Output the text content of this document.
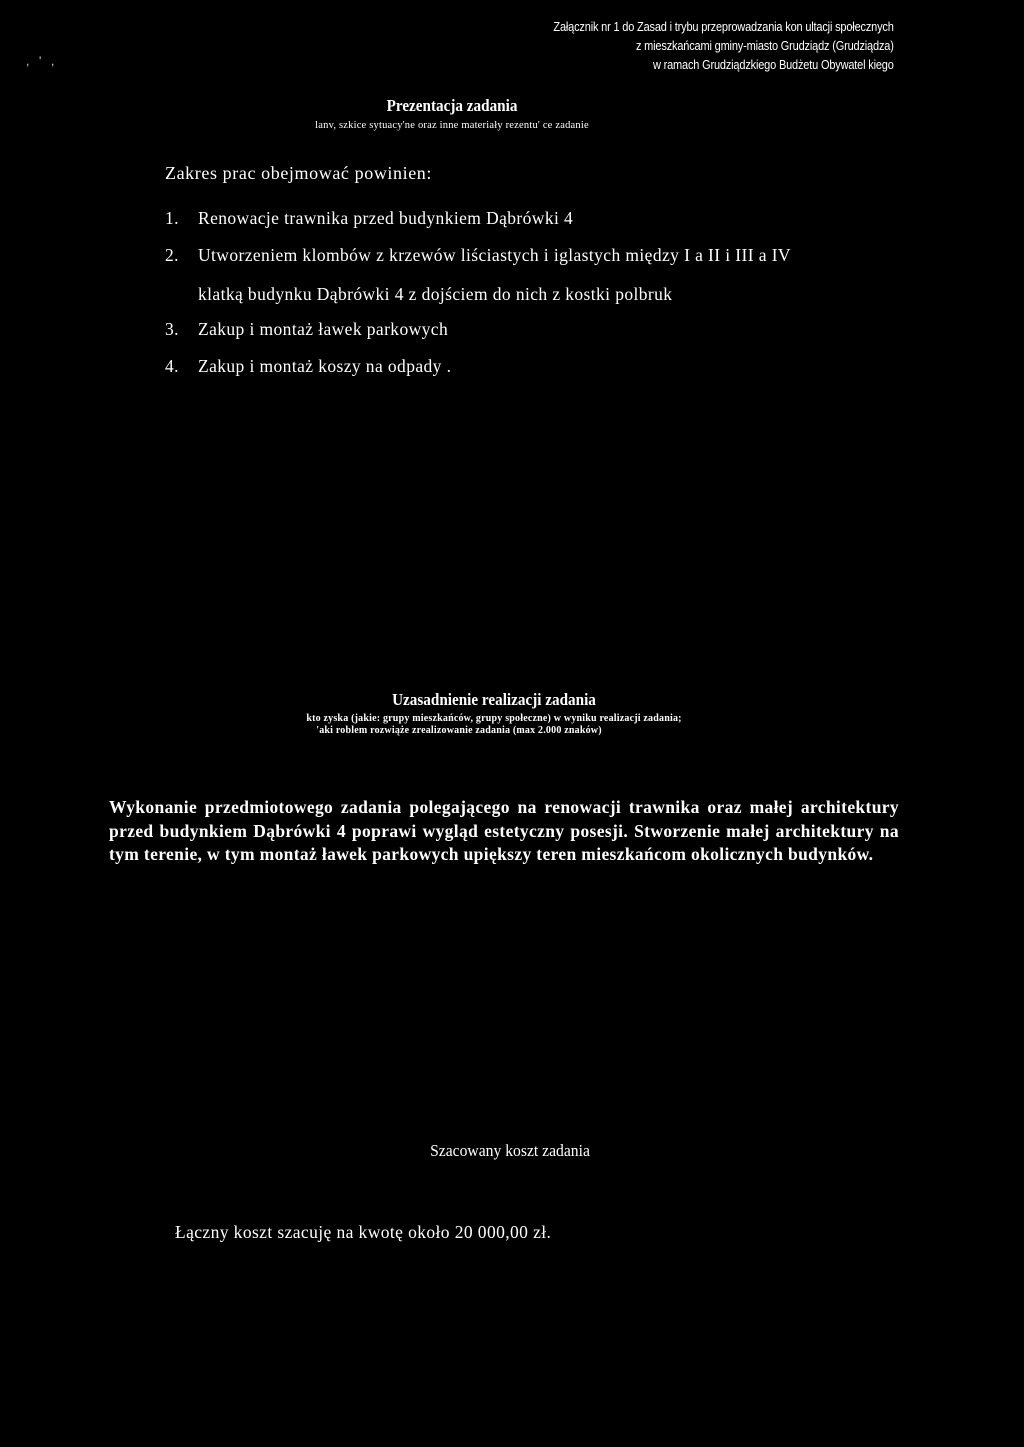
,  '  ,
Załącznik nr 1 do Zasad i trybu przeprowadzania kon ultacji społecznych
z mieszkańcami gminy-miasto Grudziądz (Grudziądza)
w ramach Grudziądzkiego Budżetu Obywatel kiego
Prezentacja zadania
lanv, szkice sytuacy'ne oraz inne materiały rezentu' ce zadanie
Zakres prac obejmować powinien:
1.	Renowacje trawnika przed budynkiem Dąbrówki 4
2.	Utworzeniem klombów z krzewów liściastych i iglastych między I a II i III a IV
klatką budynku Dąbrówki 4 z dojściem do nich z kostki polbruk
3.	Zakup i montaż ławek parkowych
4.	Zakup i montaż koszy na odpady .
Uzasadnienie realizacji zadania
kto zyska (jakie: grupy mieszkańców, grupy społeczne) w wyniku realizacji zadania;
'aki roblem rozwiąże zrealizowanie zadania (max 2.000 znaków)
Wykonanie przedmiotowego zadania polegającego na renowacji trawnika oraz małej architektury przed budynkiem Dąbrówki 4 poprawi wygląd estetyczny posesji. Stworzenie małej architektury na tym terenie, w tym montaż ławek parkowych upiększy teren mieszkańcom okolicznych budynków.
Szacowany koszt zadania
Łączny koszt szacuję na kwotę około 20 000,00 zł.
